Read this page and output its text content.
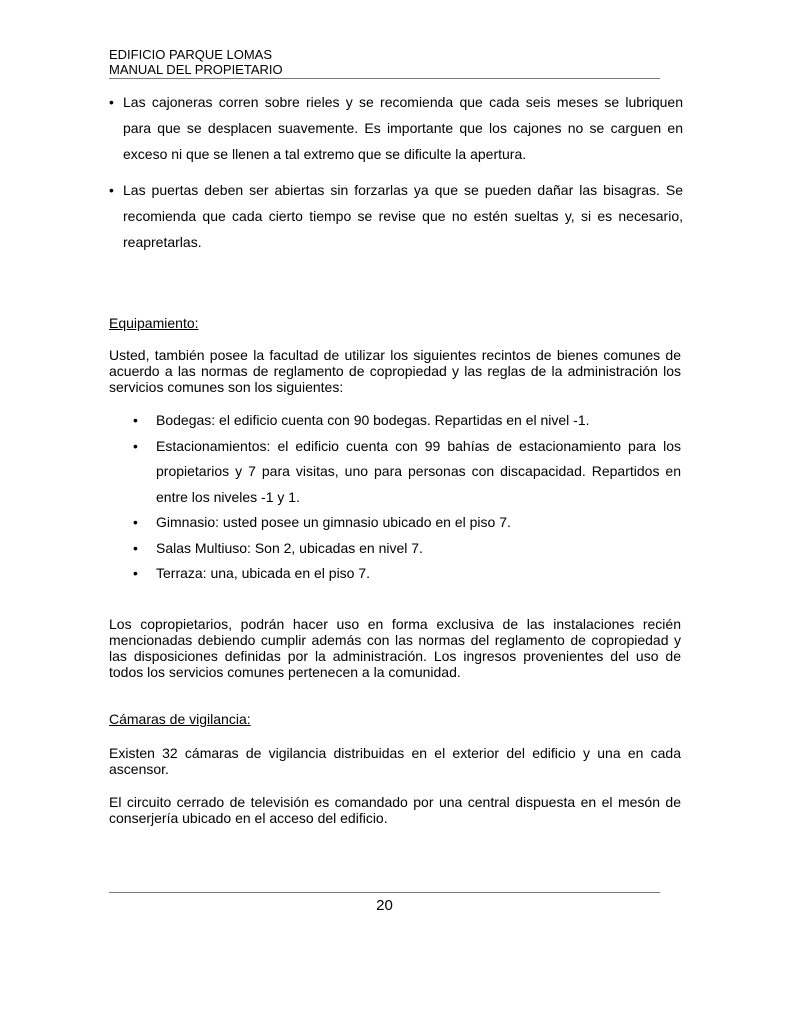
EDIFICIO PARQUE LOMAS
MANUAL DEL PROPIETARIO
• Las cajoneras corren sobre rieles y se recomienda que cada seis meses se lubriquen para que se desplacen suavemente. Es importante que los cajones no se carguen en exceso ni que se llenen a tal extremo que se dificulte la apertura.
• Las puertas deben ser abiertas sin forzarlas ya que se pueden dañar las bisagras. Se recomienda que cada cierto tiempo se revise que no estén sueltas y, si es necesario, reapretarlas.
Equipamiento:
Usted, también posee la facultad de utilizar los siguientes recintos de bienes comunes de acuerdo a las normas de reglamento de copropiedad y las reglas de la administración los servicios comunes son los siguientes:
• Bodegas: el edificio cuenta con 90 bodegas. Repartidas en el nivel -1.
• Estacionamientos: el edificio cuenta con 99 bahías de estacionamiento para los propietarios y 7 para visitas, uno para personas con discapacidad. Repartidos en entre los niveles -1 y 1.
• Gimnasio: usted posee un gimnasio ubicado en el piso 7.
• Salas Multiuso: Son 2, ubicadas en nivel 7.
• Terraza: una, ubicada en el piso 7.
Los copropietarios, podrán hacer uso en forma exclusiva de las instalaciones recién mencionadas debiendo cumplir además con las normas del reglamento de copropiedad y las disposiciones definidas por la administración. Los ingresos provenientes del uso de todos los servicios comunes pertenecen a la comunidad.
Cámaras de vigilancia:
Existen 32 cámaras de vigilancia distribuidas en el exterior del edificio y una en cada ascensor.
El circuito cerrado de televisión es comandado por una central dispuesta en el mesón de conserjería ubicado en el acceso del edificio.
20
